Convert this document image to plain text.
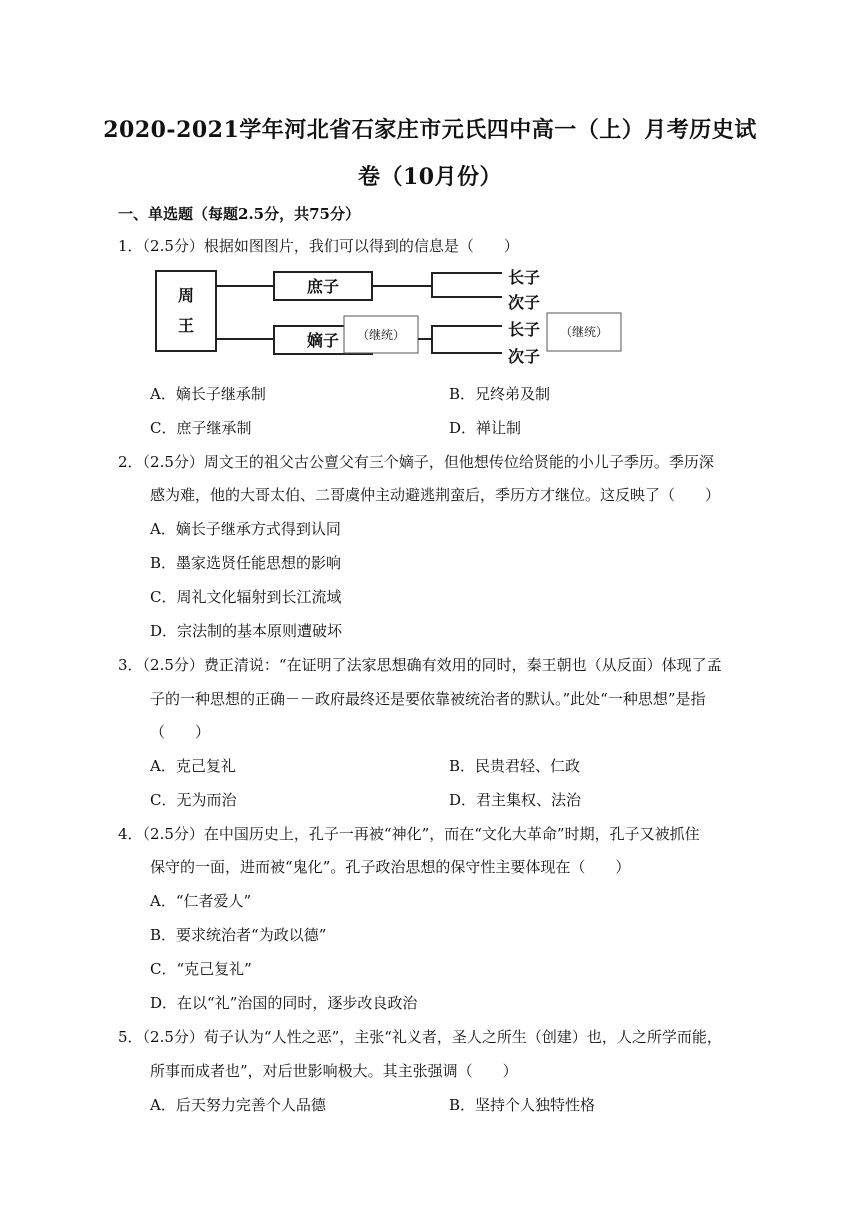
2020-2021学年河北省石家庄市元氏四中高一（上）月考历史试
卷（10月份）
一、单选题（每题2.5分，共75分）
1．（2.5分）根据如图图片，我们可以得到的信息是（　　）
周
王
庶子
嫡子 （继统）
长子
次子
长子
次子
（继统）
A．嫡长子继承制	B．兄终弟及制
C．庶子继承制	D．禅让制
2．（2.5分）周文王的祖父古公亶父有三个嫡子，但他想传位给贤能的小儿子季历。季历深
感为难，他的大哥太伯、二哥虞仲主动避逃荆蛮后，季历方才继位。这反映了（　　）
A．嫡长子继承方式得到认同
B．墨家选贤任能思想的影响
C．周礼文化辐射到长江流域
D．宗法制的基本原则遭破坏
3．（2.5分）费正清说：“在证明了法家思想确有效用的同时，秦王朝也（从反面）体现了孟
子的一种思想的正确－－政府最终还是要依靠被统治者的默认。”此处“一种思想”是指
（　　）
A．克己复礼	B．民贵君轻、仁政
C．无为而治	D．君主集权、法治
4．（2.5分）在中国历史上，孔子一再被“神化”，而在“文化大革命”时期，孔子又被抓住
保守的一面，进而被“鬼化”。孔子政治思想的保守性主要体现在（　　）
A．“仁者爱人”
B．要求统治者“为政以德”
C．“克己复礼”
D．在以“礼”治国的同时，逐步改良政治
5．（2.5分）荀子认为“人性之恶”，主张“礼义者，圣人之所生（创建）也，人之所学而能，
所事而成者也”，对后世影响极大。其主张强调（　　）
A．后天努力完善个人品德	B．坚持个人独特性格
